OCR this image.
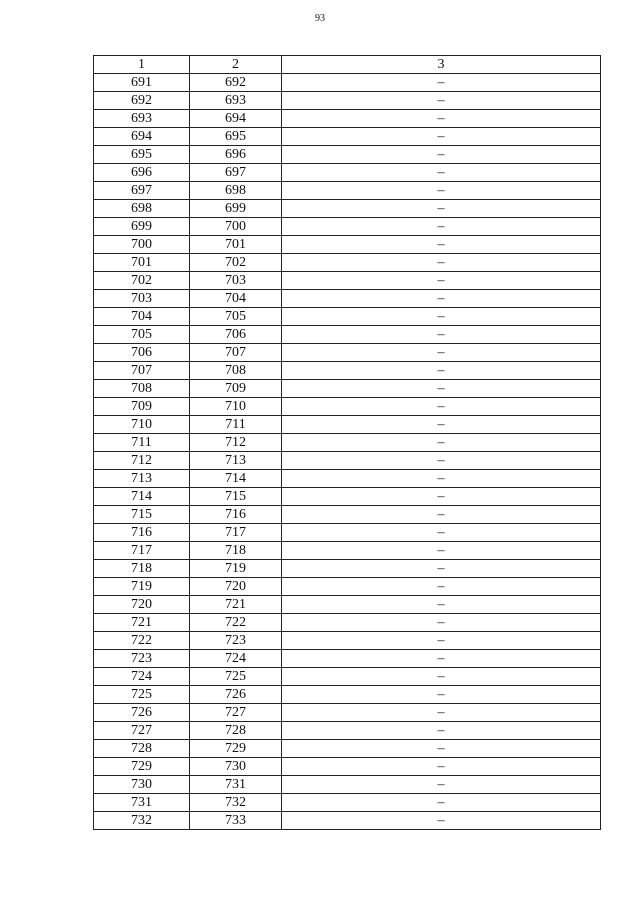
93
1	2	3
691	692	–
692	693	–
693	694	–
694	695	–
695	696	–
696	697	–
697	698	–
698	699	–
699	700	–
700	701	–
701	702	–
702	703	–
703	704	–
704	705	–
705	706	–
706	707	–
707	708	–
708	709	–
709	710	–
710	711	–
711	712	–
712	713	–
713	714	–
714	715	–
715	716	–
716	717	–
717	718	–
718	719	–
719	720	–
720	721	–
721	722	–
722	723	–
723	724	–
724	725	–
725	726	–
726	727	–
727	728	–
728	729	–
729	730	–
730	731	–
731	732	–
732	733	–
